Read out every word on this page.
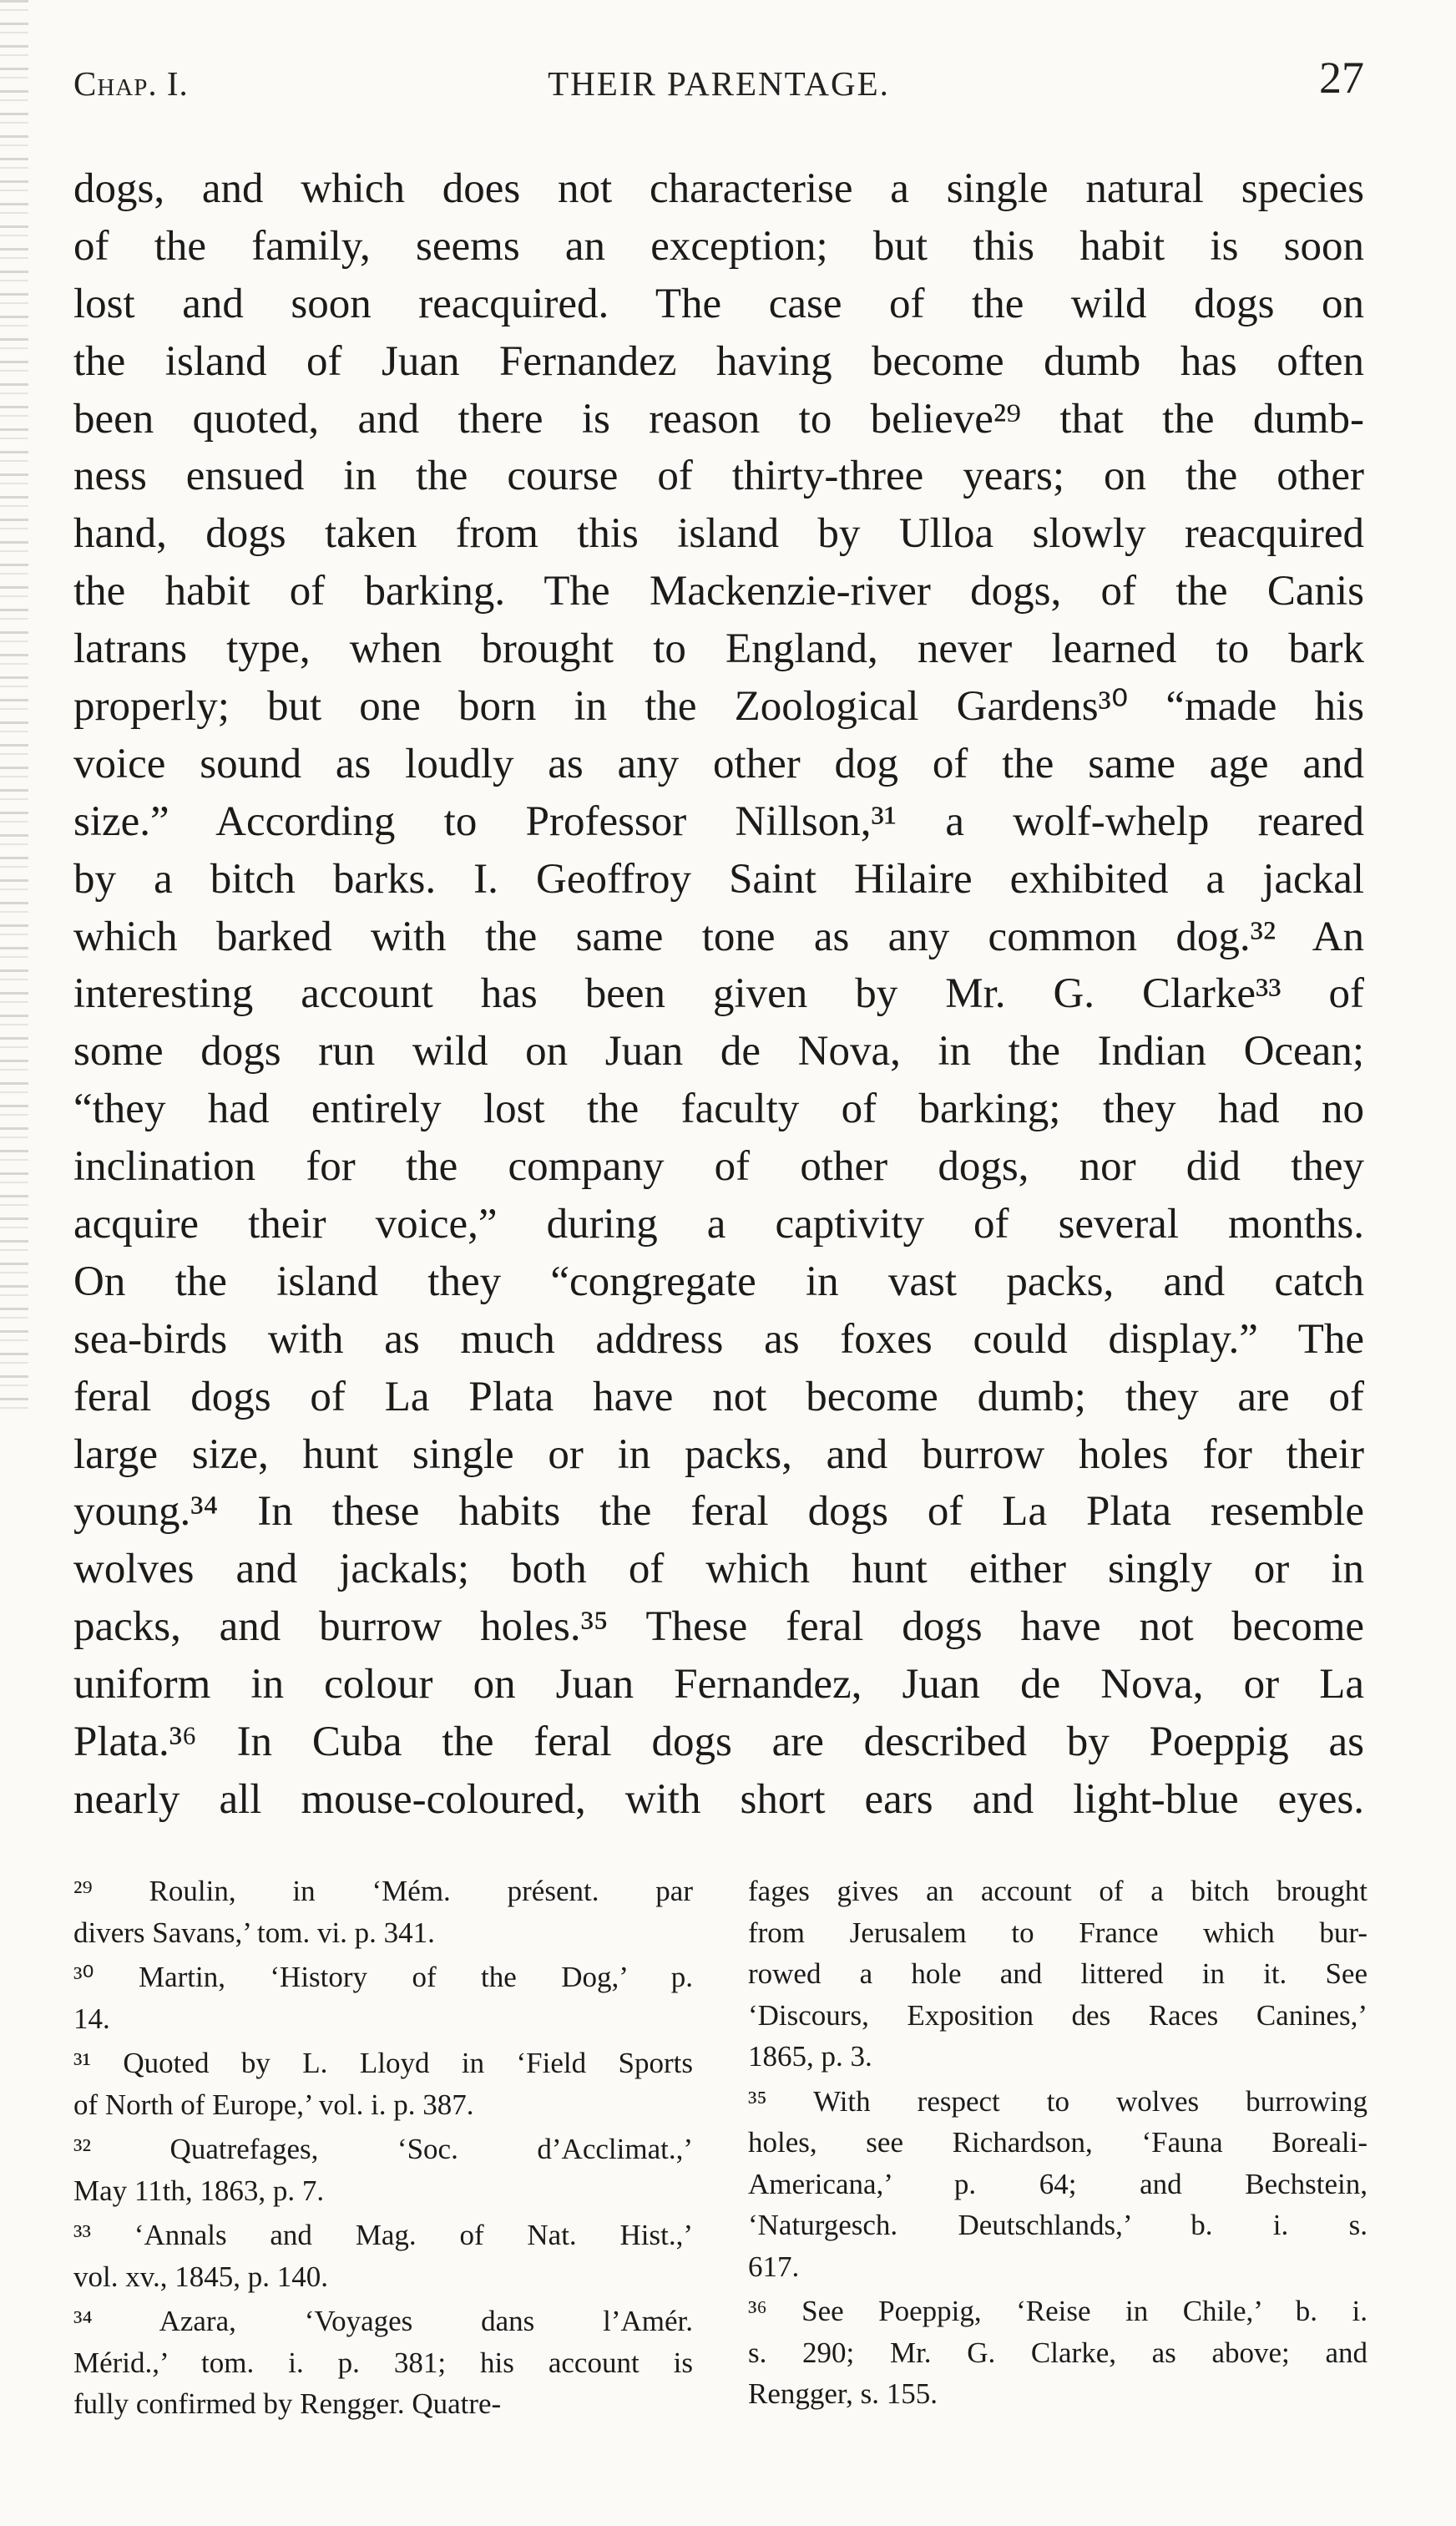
Chap. I.	THEIR PARENTAGE.	27
dogs, and which does not characterise a single natural species
of the family, seems an exception; but this habit is soon
lost and soon reacquired. The case of the wild dogs on
the island of Juan Fernandez having become dumb has often
been quoted, and there is reason to believe²⁹ that the dumb-
ness ensued in the course of thirty-three years; on the other
hand, dogs taken from this island by Ulloa slowly reacquired
the habit of barking. The Mackenzie-river dogs, of the Canis
latrans type, when brought to England, never learned to bark
properly; but one born in the Zoological Gardens³⁰ “made his
voice sound as loudly as any other dog of the same age and
size.” According to Professor Nillson,³¹ a wolf-whelp reared
by a bitch barks. I. Geoffroy Saint Hilaire exhibited a jackal
which barked with the same tone as any common dog.³² An
interesting account has been given by Mr. G. Clarke³³ of
some dogs run wild on Juan de Nova, in the Indian Ocean;
“they had entirely lost the faculty of barking; they had no
inclination for the company of other dogs, nor did they
acquire their voice,” during a captivity of several months.
On the island they “congregate in vast packs, and catch
sea-birds with as much address as foxes could display.” The
feral dogs of La Plata have not become dumb; they are of
large size, hunt single or in packs, and burrow holes for their
young.³⁴ In these habits the feral dogs of La Plata resemble
wolves and jackals; both of which hunt either singly or in
packs, and burrow holes.³⁵ These feral dogs have not become
uniform in colour on Juan Fernandez, Juan de Nova, or La
Plata.³⁶ In Cuba the feral dogs are described by Poeppig as
nearly all mouse-coloured, with short ears and light-blue eyes.
²⁹ Roulin, in ‘Mém. présent. par
divers Savans,’ tom. vi. p. 341.
³⁰ Martin, ‘History of the Dog,’ p.
14.
³¹ Quoted by L. Lloyd in ‘Field Sports
of North of Europe,’ vol. i. p. 387.
³² Quatrefages, ‘Soc. d’Acclimat.,’
May 11th, 1863, p. 7.
³³ ‘Annals and Mag. of Nat. Hist.,’
vol. xv., 1845, p. 140.
³⁴ Azara, ‘Voyages dans l’Amér.
Mérid.,’ tom. i. p. 381; his account is
fully confirmed by Rengger. Quatre-
fages gives an account of a bitch brought
from Jerusalem to France which bur-
rowed a hole and littered in it. See
‘Discours, Exposition des Races Canines,’
1865, p. 3.
³⁵ With respect to wolves burrowing
holes, see Richardson, ‘Fauna Boreali-
Americana,’ p. 64; and Bechstein,
‘Naturgesch. Deutschlands,’ b. i. s.
617.
³⁶ See Poeppig, ‘Reise in Chile,’ b. i.
s. 290; Mr. G. Clarke, as above; and
Rengger, s. 155.
